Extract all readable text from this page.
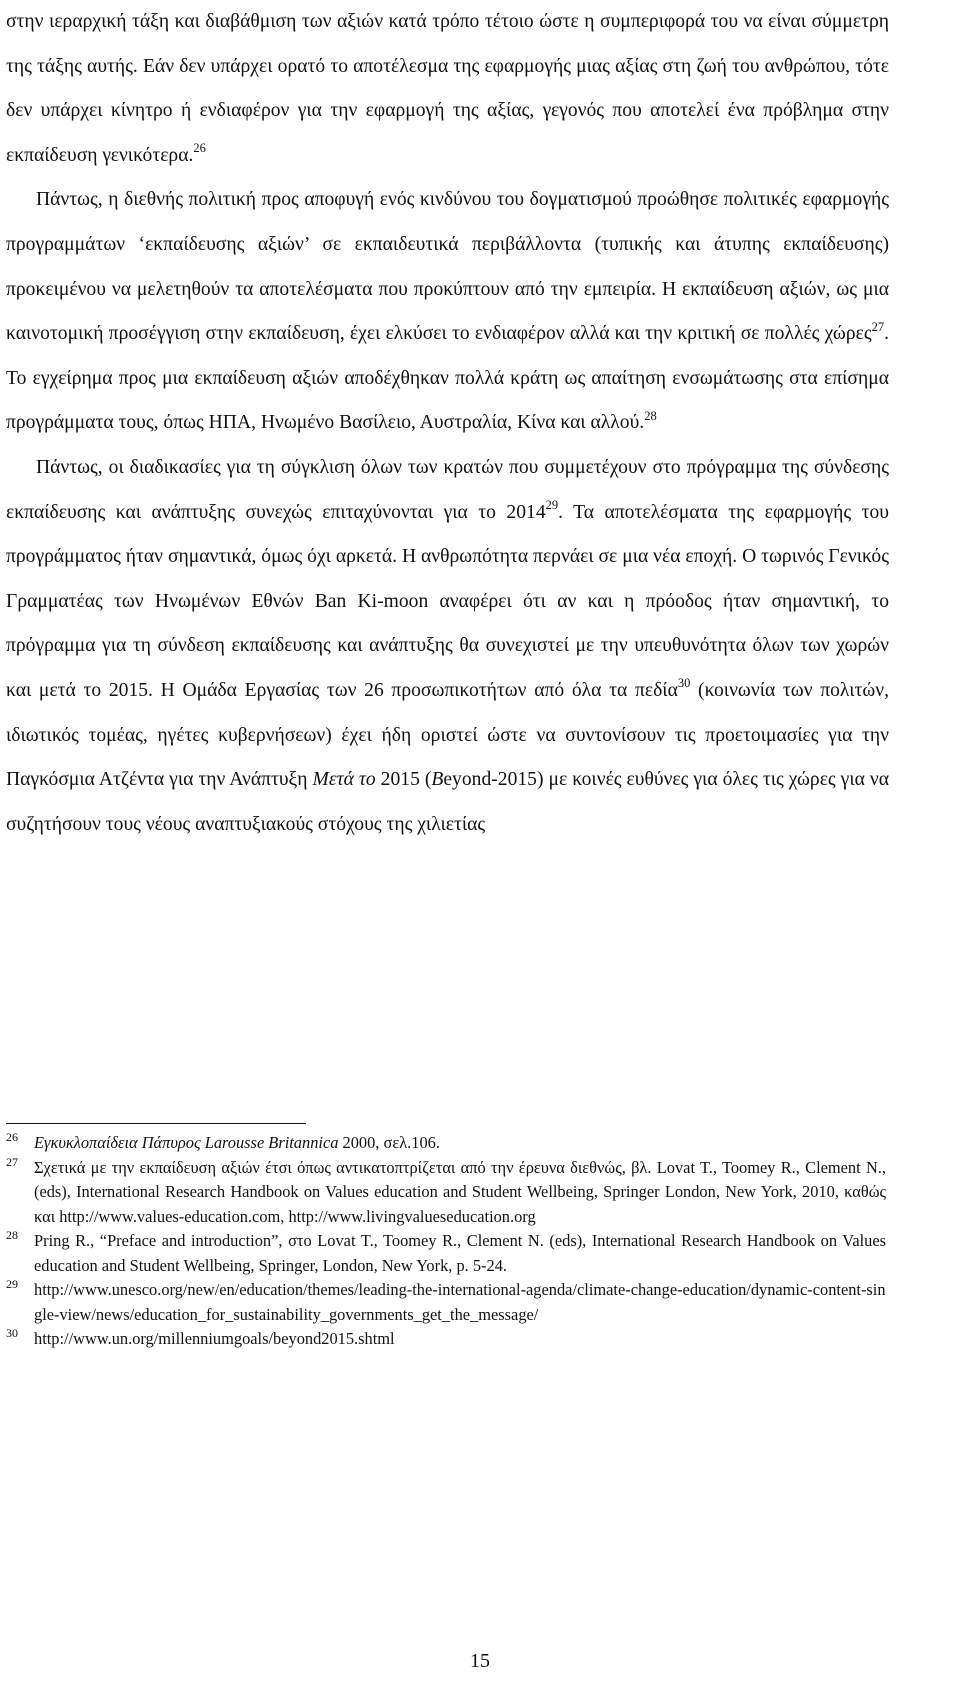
στην ιεραρχική τάξη και διαβάθμιση των αξιών κατά τρόπο τέτοιο ώστε η συμπεριφορά του να είναι σύμμετρη της τάξης αυτής. Εάν δεν υπάρχει ορατό το αποτέλεσμα της εφαρμογής μιας αξίας στη ζωή του ανθρώπου, τότε δεν υπάρχει κίνητρο ή ενδιαφέρον για την εφαρμογή της αξίας, γεγονός που αποτελεί ένα πρόβλημα στην εκπαίδευση γενικότερα.$^{26}$

Πάντως, η διεθνής πολιτική προς αποφυγή ενός κινδύνου του δογματισμού προώθησε πολιτικές εφαρμογής προγραμμάτων ‘εκπαίδευσης αξιών’ σε εκπαιδευτικά περιβάλλοντα (τυπικής και άτυπης εκπαίδευσης) προκειμένου να μελετηθούν τα αποτελέσματα που προκύπτουν από την εμπειρία. Η εκπαίδευση αξιών, ως μια καινοτομική προσέγγιση στην εκπαίδευση, έχει ελκύσει το ενδιαφέρον αλλά και την κριτική σε πολλές χώρες$^{27}$. Το εγχείρημα προς μια εκπαίδευση αξιών αποδέχθηκαν πολλά κράτη ως απαίτηση ενσωμάτωσης στα επίσημα προγράμματα τους, όπως ΗΠΑ, Ηνωμένο Βασίλειο, Αυστραλία, Κίνα και αλλού.$^{28}$

Πάντως, οι διαδικασίες για τη σύγκλιση όλων των κρατών που συμμετέχουν στο πρόγραμμα της σύνδεσης εκπαίδευσης και ανάπτυξης συνεχώς επιταχύνονται για το 2014$^{29}$. Τα αποτελέσματα της εφαρμογής του προγράμματος ήταν σημαντικά, όμως όχι αρκετά. Η ανθρωπότητα περνάει σε μια νέα εποχή. Ο τωρινός Γενικός Γραμματέας των Ηνωμένων Εθνών Ban Ki-moon αναφέρει ότι αν και η πρόοδος ήταν σημαντική, το πρόγραμμα για τη σύνδεση εκπαίδευσης και ανάπτυξης θα συνεχιστεί με την υπευθυνότητα όλων των χωρών και μετά το 2015. Η Ομάδα Εργασίας των 26 προσωπικοτήτων από όλα τα πεδία$^{30}$ (κοινωνία των πολιτών, ιδιωτικός τομέας, ηγέτες κυβερνήσεων) έχει ήδη οριστεί ώστε να συντονίσουν τις προετοιμασίες για την Παγκόσμια Ατζέντα για την Ανάπτυξη Μετά το 2015 (Beyond-2015) με κοινές ευθύνες για όλες τις χώρες για να συζητήσουν τους νέους αναπτυξιακούς στόχους της χιλιετίας

26 Εγκυκλοπαίδεια Πάπυρος Larousse Britannica 2000, σελ.106.

27 Σχετικά με την εκπαίδευση αξιών έτσι όπως αντικατοπτρίζεται από την έρευνα διεθνώς, βλ. Lovat T., Toomey R., Clement N., (eds), International Research Handbook on Values education and Student Wellbeing, Springer London, New York, 2010, καθώς και http://www.values-education.com, http://www.livingvalueseducation.org

28 Pring R., “Preface and introduction”, στο Lovat T., Toomey R., Clement N. (eds), International Research Handbook on Values education and Student Wellbeing, Springer, London, New York, p. 5-24.

29 http://www.unesco.org/new/en/education/themes/leading-the-international-agenda/climate-change-education/dynamic-content-single-view/news/education_for_sustainability_governments_get_the_message/

30 http://www.un.org/millenniumgoals/beyond2015.shtml

15
